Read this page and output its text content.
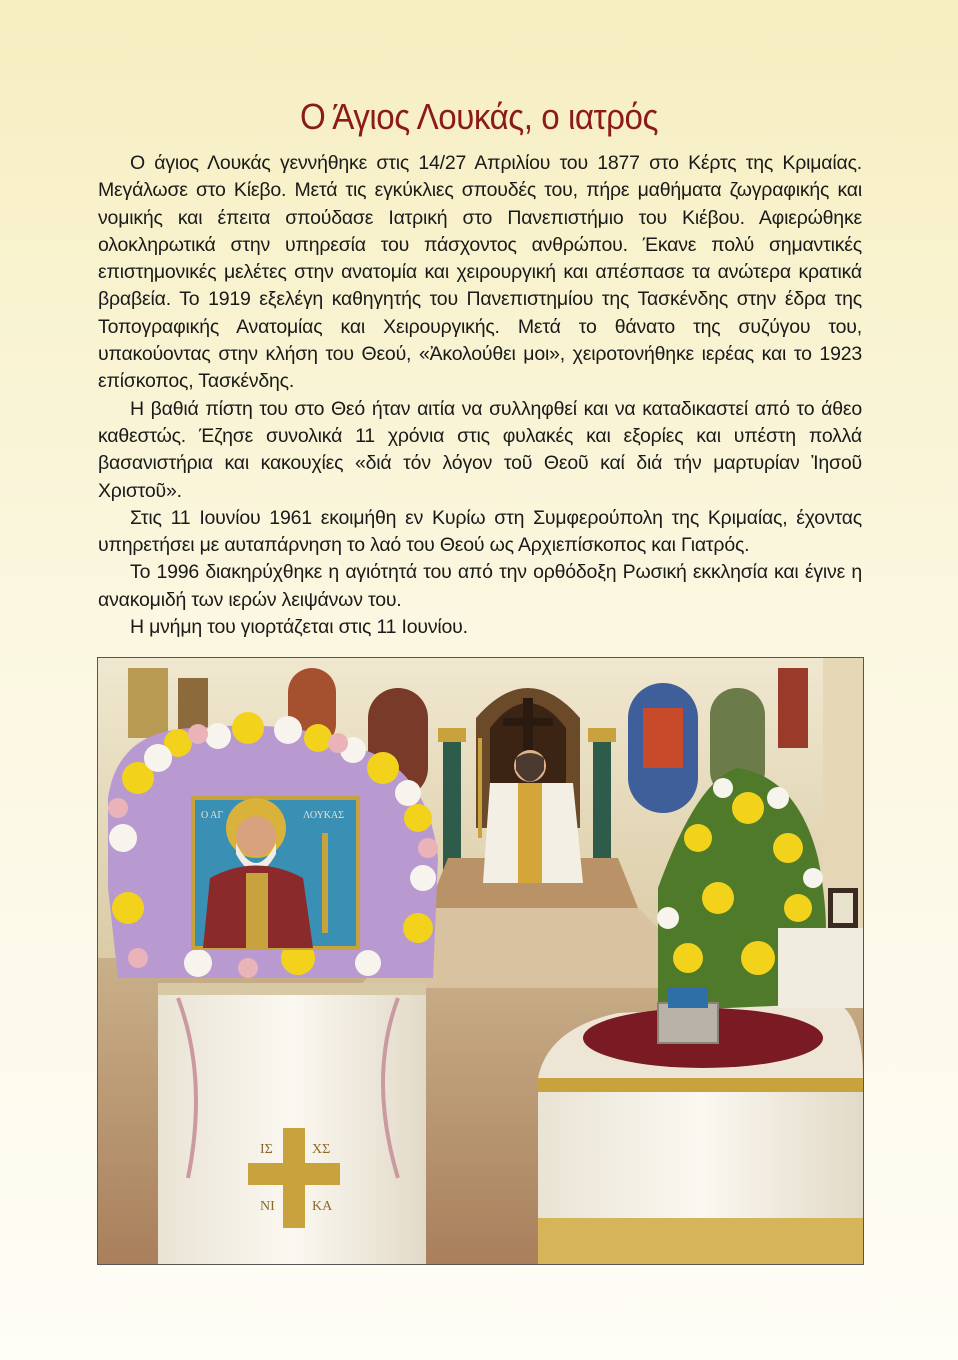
Ο Άγιος Λουκάς, ο ιατρός

Ο άγιος Λουκάς γεννήθηκε στις 14/27 Απριλίου του 1877 στο Κέρτς της Κριμαίας. Μεγάλωσε στο Κίεβο. Μετά τις εγκύκλιες σπουδές του, πήρε μαθήματα ζωγραφικής και νομικής και έπειτα σπούδασε Ιατρική στο Πανεπιστήμιο του Κιέβου. Αφιερώθηκε ολοκληρωτικά στην υπηρεσία του πάσχοντος ανθρώπου. Έκανε πολύ σημαντικές επιστημονικές μελέτες στην ανατομία και χειρουργική και απέσπασε τα ανώτερα κρατικά βραβεία. Το 1919 εξελέγη καθηγητής του Πανεπιστημίου της Τασκένδης στην έδρα της Τοπογραφικής Ανατομίας και Χειρουργικής. Μετά το θάνατο της συζύγου του, υπακούοντας στην κλήση του Θεού, «Ἀκολούθει μοι», χειροτονήθηκε ιερέας και το 1923 επίσκοπος, Τασκένδης.

Η βαθιά πίστη του στο Θεό ήταν αιτία να συλληφθεί και να καταδικαστεί από το άθεο καθεστώς. Έζησε συνολικά 11 χρόνια στις φυλακές και εξορίες και υπέστη πολλά βασανιστήρια και κακουχίες «διά τόν λόγον τοῦ Θεοῦ καί διά τήν μαρτυρίαν Ἰησοῦ Χριστοῦ».

Στις 11 Ιουνίου 1961 εκοιμήθη εν Κυρίω στη Συμφερούπολη της Κριμαίας, έχοντας υπηρετήσει με αυταπάρνηση το λαό του Θεού ως Αρχιεπίσκοπος και Γιατρός.

Το 1996 διακηρύχθηκε η αγιότητά του από την ορθόδοξη Ρωσική εκκλησία και έγινε η ανακομιδή των ιερών λειψάνων του.

Η μνήμη του γιορτάζεται στις 11 Ιουνίου.

Ο ΑΓ	ΛΟΥΚΑΣ
ΙΣ	ΧΣ
ΝΙ	ΚΑ
